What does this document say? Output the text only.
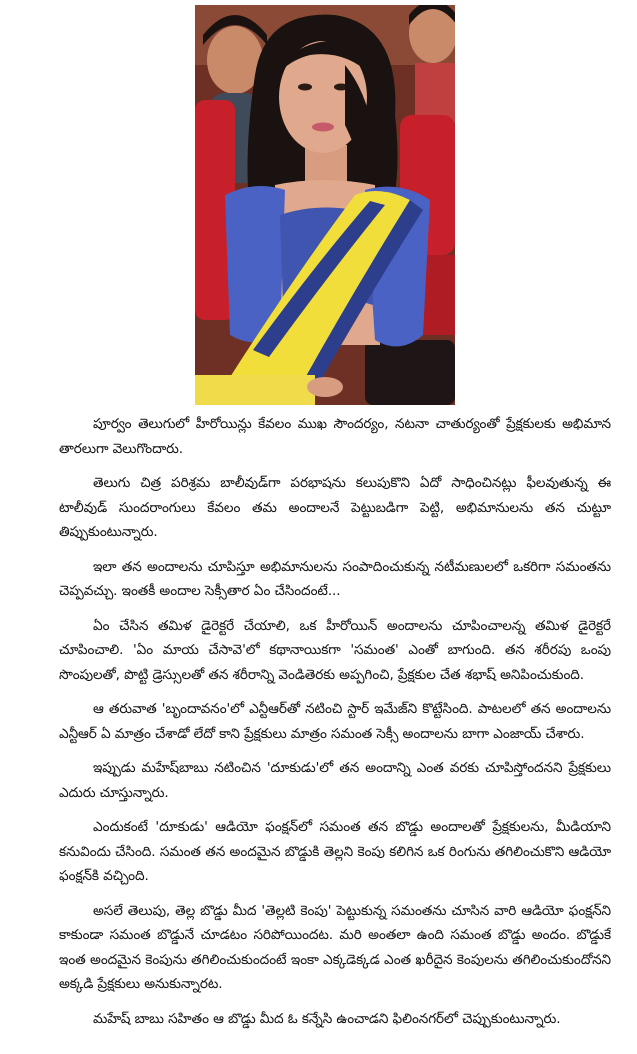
పూర్వం తెలుగులో హీరోయిన్లు కేవలం ముఖ సౌందర్యం, నటనా చాతుర్యంతో ప్రేక్షకులకు అభిమాన తారలుగా వెలుగొందారు.

తెలుగు చిత్ర పరిశ్రమ బాలీవుడ్‌గా పరభాషను కలుపుకొని ఏదో సాధించినట్లు ఫీలవుతున్న ఈ టాలీవుడ్ సుందరాంగులు కేవలం తమ అందాలనే పెట్టుబడిగా పెట్టి, అభిమానులను తన చుట్టూ తిప్పుకుంటున్నారు.

ఇలా తన అందాలను చూపిస్తూ అభిమానులను సంపాదించుకున్న నటీమణులలో ఒకరిగా సమంతను చెప్పవచ్చు. ఇంతకీ అందాల సెక్సీతార ఏం చేసిందంటే...

ఏం చేసిన తమిళ డైరెక్టరే చేయాలి, ఒక హీరోయిన్ అందాలను చూపించాలన్న తమిళ డైరెక్టరే చూపించాలి. 'ఏం మాయ చేసావె'లో కథానాయికగా 'సమంత' ఎంతో బాగుంది. తన శరీరపు ఒంపు సొంపులతో, పొట్టి డ్రెస్సులతో తన శరీరాన్ని వెండితెరకు అప్పగించి, ప్రేక్షకుల చేత శభాష్ అనిపించుకుంది.

ఆ తరువాత 'బృందావనం'లో ఎన్టీఆర్‌తో నటించి స్టార్ ఇమేజ్‌ని కొట్టేసింది. పాటలలో తన అందాలను ఎన్టీఆర్ ఏ మాత్రం చేశాడో లేదో కాని ప్రేక్షకులు మాత్రం సమంత సెక్సీ అందాలను బాగా ఎంజాయ్ చేశారు.

ఇప్పుడు మహేష్‌బాబు నటించిన 'దూకుడు'లో తన అందాన్ని ఎంత వరకు చూపిస్తోందనని ప్రేక్షకులు ఎదురు చూస్తున్నారు.

ఎందుకంటే 'దూకుడు' ఆడియో ఫంక్షన్‌లో సమంత తన బొడ్డు అందాలతో ప్రేక్షకులను, మీడియాని కనువిందు చేసింది. సమంత తన అందమైన బొడ్డుకి తెల్లని కెంపు కలిగిన ఒక రింగును తగిలించుకొని ఆడియో ఫంక్షన్‌కి వచ్చింది.

అసలే తెలుపు, తెల్ల బొడ్డు మీద 'తెల్లటి కెంపు' పెట్టుకున్న సమంతను చూసిన వారి ఆడియో ఫంక్షన్‌ని కాకుండా సమంత బొడ్డునే చూడటం సరిపోయిందట. మరి అంతలా ఉంది సమంత బొడ్డు అందం. బొడ్డుకే ఇంత అందమైన కెంపును తగిలించుకుందంటే ఇంకా ఎక్కడెక్కడ ఎంత ఖరీదైన కెంపులను తగిలించుకుందోనని అక్కడి ప్రేక్షకులు అనుకున్నారట.

మహేష్ బాబు సహితం ఆ బొడ్డు మీద ఓ కన్నేసి ఉంచాడని ఫిలింనగర్‌లో చెప్పుకుంటున్నారు.
